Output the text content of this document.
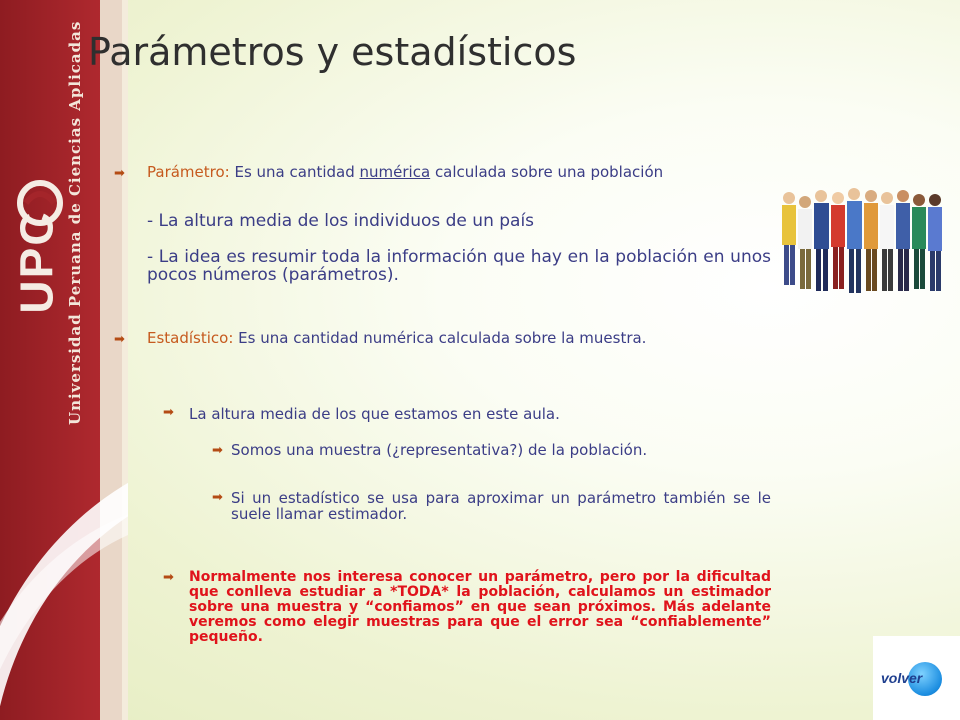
UPC Universidad Peruana de Ciencias Aplicadas Parámetros y estadísticos
➡ Parámetro: Es una cantidad numérica calculada sobre una población
- La altura media de los individuos de un país
- La idea es resumir toda la información que hay en la población en unos pocos números (parámetros).
➡ Estadístico: Es una cantidad numérica calculada sobre la muestra.
➡ La altura media de los que estamos en este aula.
➡ Somos una muestra (¿representativa?) de la población.
➡ Si un estadístico se usa para aproximar un parámetro también se le suele llamar estimador.
➡ Normalmente nos interesa conocer un parámetro, pero por la dificultad que conlleva estudiar a *TODA* la población, calculamos un estimador sobre una muestra y “confiamos” en que sean próximos. Más adelante veremos como elegir muestras para que el error sea “confiablemente” pequeño.
volver
